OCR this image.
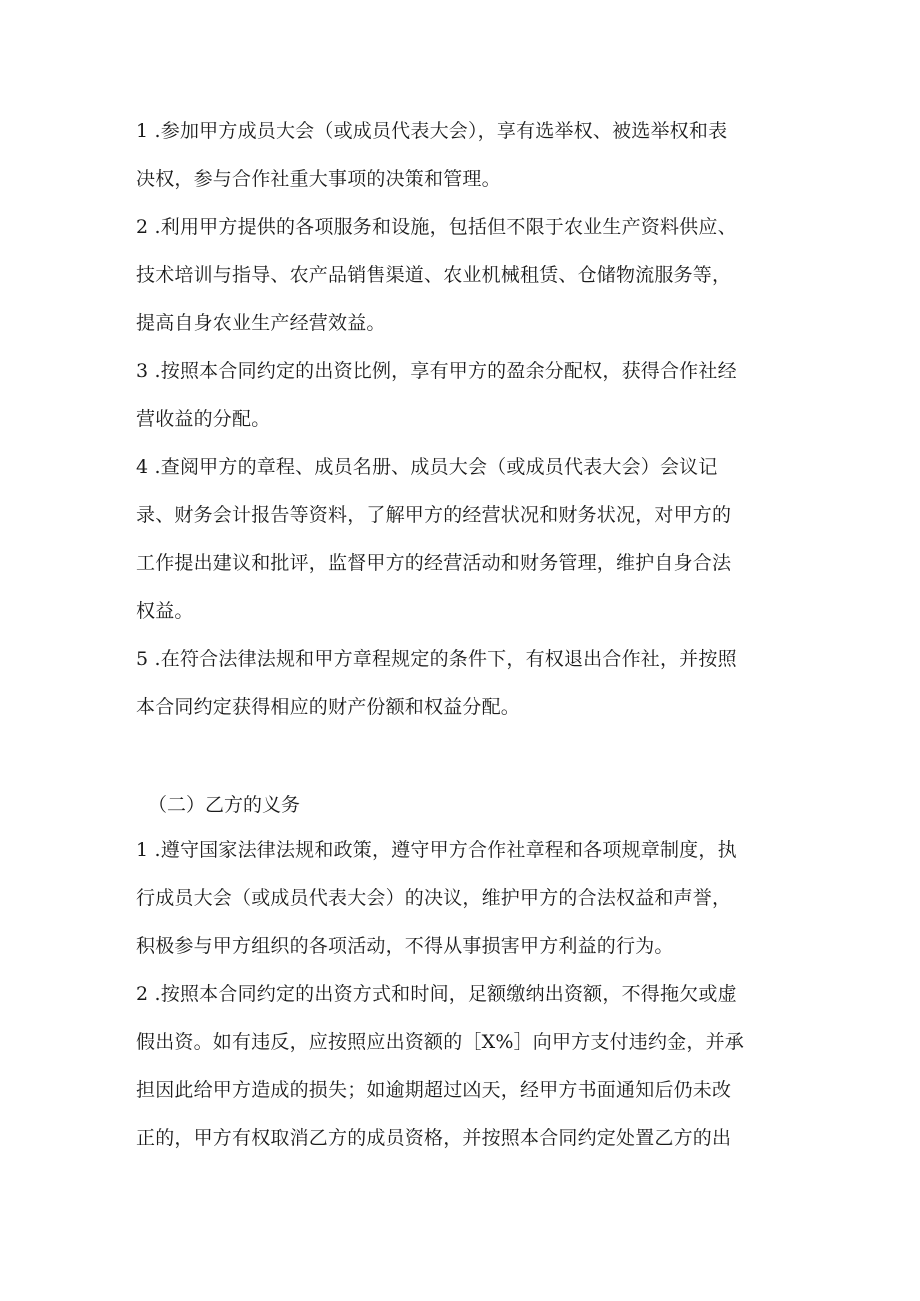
1 .参加甲方成员大会（或成员代表大会），享有选举权、被选举权和表
决权，参与合作社重大事项的决策和管理。
2 .利用甲方提供的各项服务和设施，包括但不限于农业生产资料供应、
技术培训与指导、农产品销售渠道、农业机械租赁、仓储物流服务等，
提高自身农业生产经营效益。
3 .按照本合同约定的出资比例，享有甲方的盈余分配权，获得合作社经
营收益的分配。
4 .查阅甲方的章程、成员名册、成员大会（或成员代表大会）会议记
录、财务会计报告等资料，了解甲方的经营状况和财务状况，对甲方的
工作提出建议和批评，监督甲方的经营活动和财务管理，维护自身合法
权益。
5 .在符合法律法规和甲方章程规定的条件下，有权退出合作社，并按照
本合同约定获得相应的财产份额和权益分配。
（二）乙方的义务
1 .遵守国家法律法规和政策，遵守甲方合作社章程和各项规章制度，执
行成员大会（或成员代表大会）的决议，维护甲方的合法权益和声誉，
积极参与甲方组织的各项活动，不得从事损害甲方利益的行为。
2 .按照本合同约定的出资方式和时间，足额缴纳出资额，不得拖欠或虚
假出资。如有违反，应按照应出资额的［X%］向甲方支付违约金，并承
担因此给甲方造成的损失；如逾期超过凶天，经甲方书面通知后仍未改
正的，甲方有权取消乙方的成员资格，并按照本合同约定处置乙方的出
